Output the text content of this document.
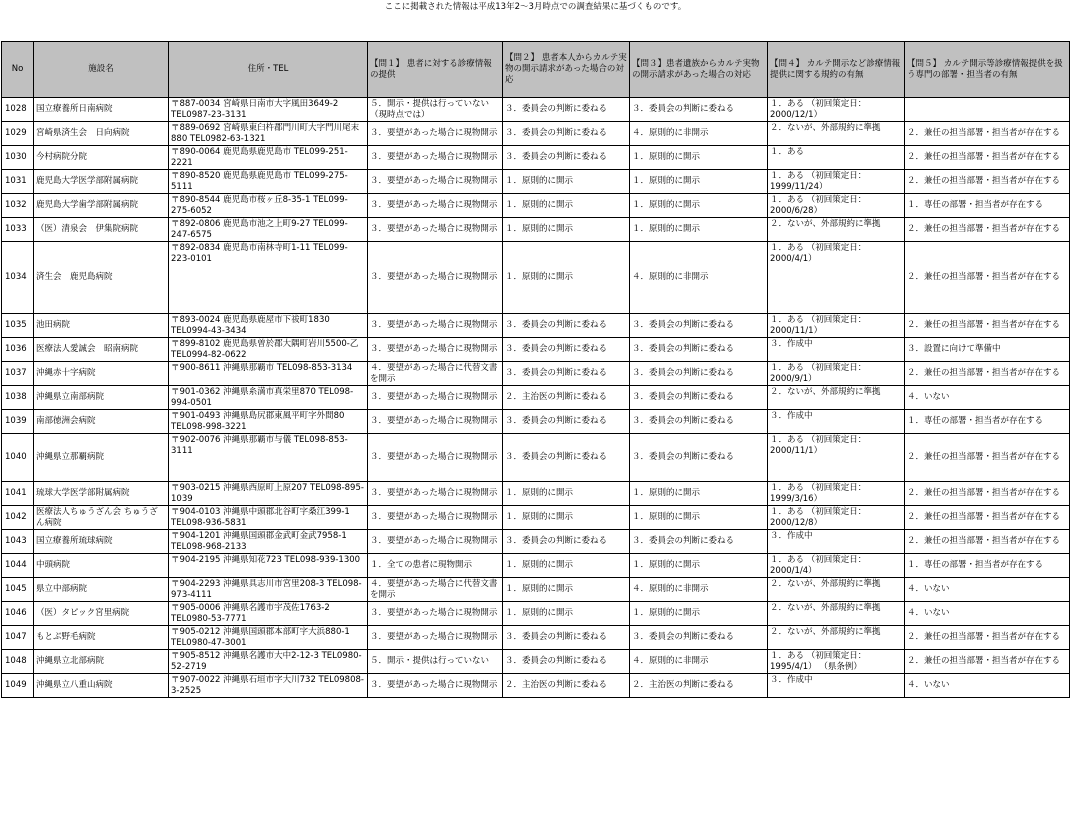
ここに掲載された情報は平成13年2～3月時点での調査結果に基づくものです。
No	施設名	住所・TEL	【問１】 患者に対する診療情報の提供	【問２】 患者本人からカルテ実物の開示請求があった場合の対応	【問３】患者遺族からカルテ実物の開示請求があった場合の対応	【問４】 カルテ開示など診療情報提供に関する規約の有無	【問５】 カルテ開示等診療情報提供を扱う専門の部署・担当者の有無
1028	国立療養所日南病院	〒887-0034 宮崎県日南市大字風田3649-2 TEL0987-23-3131	５．開示・提供は行っていない （現時点では）	３．委員会の判断に委ねる	３．委員会の判断に委ねる	１．ある （初回策定日：2000/12/1）	
1029	宮崎県済生会　日向病院	〒889-0692 宮崎県東臼杵郡門川町大字門川尾末880 TEL0982-63-1321	３．要望があった場合に現物開示	３．委員会の判断に委ねる	４．原則的に非開示	２．ないが、外部規約に準拠	２．兼任の担当部署・担当者が存在する
1030	今村病院分院	〒890-0064 鹿児島県鹿児島市 TEL099-251-2221	３．要望があった場合に現物開示	３．委員会の判断に委ねる	１．原則的に開示	１．ある	２．兼任の担当部署・担当者が存在する
1031	鹿児島大学医学部附属病院	〒890-8520 鹿児島県鹿児島市 TEL099-275-5111	３．要望があった場合に現物開示	１．原則的に開示	１．原則的に開示	１．ある （初回策定日：1999/11/24）	２．兼任の担当部署・担当者が存在する
1032	鹿児島大学歯学部附属病院	〒890-8544 鹿児島市桜ヶ丘8-35-1 TEL099-275-6052	３．要望があった場合に現物開示	１．原則的に開示	１．原則的に開示	１．ある （初回策定日：2000/6/28）	１．専任の部署・担当者が存在する
1033	（医）清泉会　伊集院病院	〒892-0806 鹿児島市池之上町9-27 TEL099-247-6575	３．要望があった場合に現物開示	１．原則的に開示	１．原則的に開示	２．ないが、外部規約に準拠	２．兼任の担当部署・担当者が存在する
1034	済生会　鹿児島病院	〒892-0834 鹿児島市南林寺町1-11 TEL099-223-0101	３．要望があった場合に現物開示	１．原則的に開示	４．原則的に非開示	１．ある （初回策定日：2000/4/1）	２．兼任の担当部署・担当者が存在する
1035	池田病院	〒893-0024 鹿児島県鹿屋市下祓町1830 TEL0994-43-3434	３．要望があった場合に現物開示	３．委員会の判断に委ねる	３．委員会の判断に委ねる	１．ある （初回策定日：2000/11/1）	２．兼任の担当部署・担当者が存在する
1036	医療法人愛誠会　昭南病院	〒899-8102 鹿児島県曽於郡大隅町岩川5500-乙 TEL0994-82-0622	３．要望があった場合に現物開示	３．委員会の判断に委ねる	３．委員会の判断に委ねる	３．作成中	３．設置に向けて準備中
1037	沖縄赤十字病院	〒900-8611 沖縄県那覇市 TEL098-853-3134	４．要望があった場合に代替文書を開示	３．委員会の判断に委ねる	３．委員会の判断に委ねる	１．ある （初回策定日：2000/9/1）	２．兼任の担当部署・担当者が存在する
1038	沖縄県立南部病院	〒901-0362 沖縄県糸満市真栄里870 TEL098-994-0501	３．要望があった場合に現物開示	２．主治医の判断に委ねる	３．委員会の判断に委ねる	２．ないが、外部規約に準拠	４．いない
1039	南部徳洲会病院	〒901-0493 沖縄県島尻郡東風平町字外間80 TEL098-998-3221	３．要望があった場合に現物開示	３．委員会の判断に委ねる	３．委員会の判断に委ねる	３．作成中	１．専任の部署・担当者が存在する
1040	沖縄県立那覇病院	〒902-0076 沖縄県那覇市与儀 TEL098-853-3111	３．要望があった場合に現物開示	３．委員会の判断に委ねる	３．委員会の判断に委ねる	１．ある （初回策定日：2000/11/1）	２．兼任の担当部署・担当者が存在する
1041	琉球大学医学部附属病院	〒903-0215 沖縄県西原町上原207 TEL098-895-1039	３．要望があった場合に現物開示	１．原則的に開示	１．原則的に開示	１．ある （初回策定日：1999/3/16）	２．兼任の担当部署・担当者が存在する
1042	医療法人ちゅうざん会 ちゅうざん病院	〒904-0103 沖縄県中頭郡北谷町字桑江399-1 TEL098-936-5831	３．要望があった場合に現物開示	１．原則的に開示	１．原則的に開示	１．ある （初回策定日：2000/12/8）	２．兼任の担当部署・担当者が存在する
1043	国立療養所琉球病院	〒904-1201 沖縄県国頭郡金武町金武7958-1 TEL098-968-2133	３．要望があった場合に現物開示	３．委員会の判断に委ねる	３．委員会の判断に委ねる	３．作成中	２．兼任の担当部署・担当者が存在する
1044	中頭病院	〒904-2195 沖縄県知花723 TEL098-939-1300	１．全ての患者に現物開示	１．原則的に開示	１．原則的に開示	１．ある （初回策定日：2000/1/4）	１．専任の部署・担当者が存在する
1045	県立中部病院	〒904-2293 沖縄県具志川市宮里208-3 TEL098-973-4111	４．要望があった場合に代替文書を開示	１．原則的に開示	４．原則的に非開示	２．ないが、外部規約に準拠	４．いない
1046	（医）タピック宮里病院	〒905-0006 沖縄県名護市宇茂佐1763-2 TEL0980-53-7771	３．要望があった場合に現物開示	１．原則的に開示	１．原則的に開示	２．ないが、外部規約に準拠	４．いない
1047	もとぶ野毛病院	〒905-0212 沖縄県国頭郡本部町字大浜880-1 TEL0980-47-3001	３．要望があった場合に現物開示	３．委員会の判断に委ねる	３．委員会の判断に委ねる	２．ないが、外部規約に準拠	２．兼任の担当部署・担当者が存在する
1048	沖縄県立北部病院	〒905-8512 沖縄県名護市大中2-12-3 TEL0980-52-2719	５．開示・提供は行っていない	３．委員会の判断に委ねる	４．原則的に非開示	１．ある （初回策定日：1995/4/1） （県条例）	２．兼任の担当部署・担当者が存在する
1049	沖縄県立八重山病院	〒907-0022 沖縄県石垣市字大川732 TEL09808-3-2525	３．要望があった場合に現物開示	２．主治医の判断に委ねる	２．主治医の判断に委ねる	３．作成中	４．いない
